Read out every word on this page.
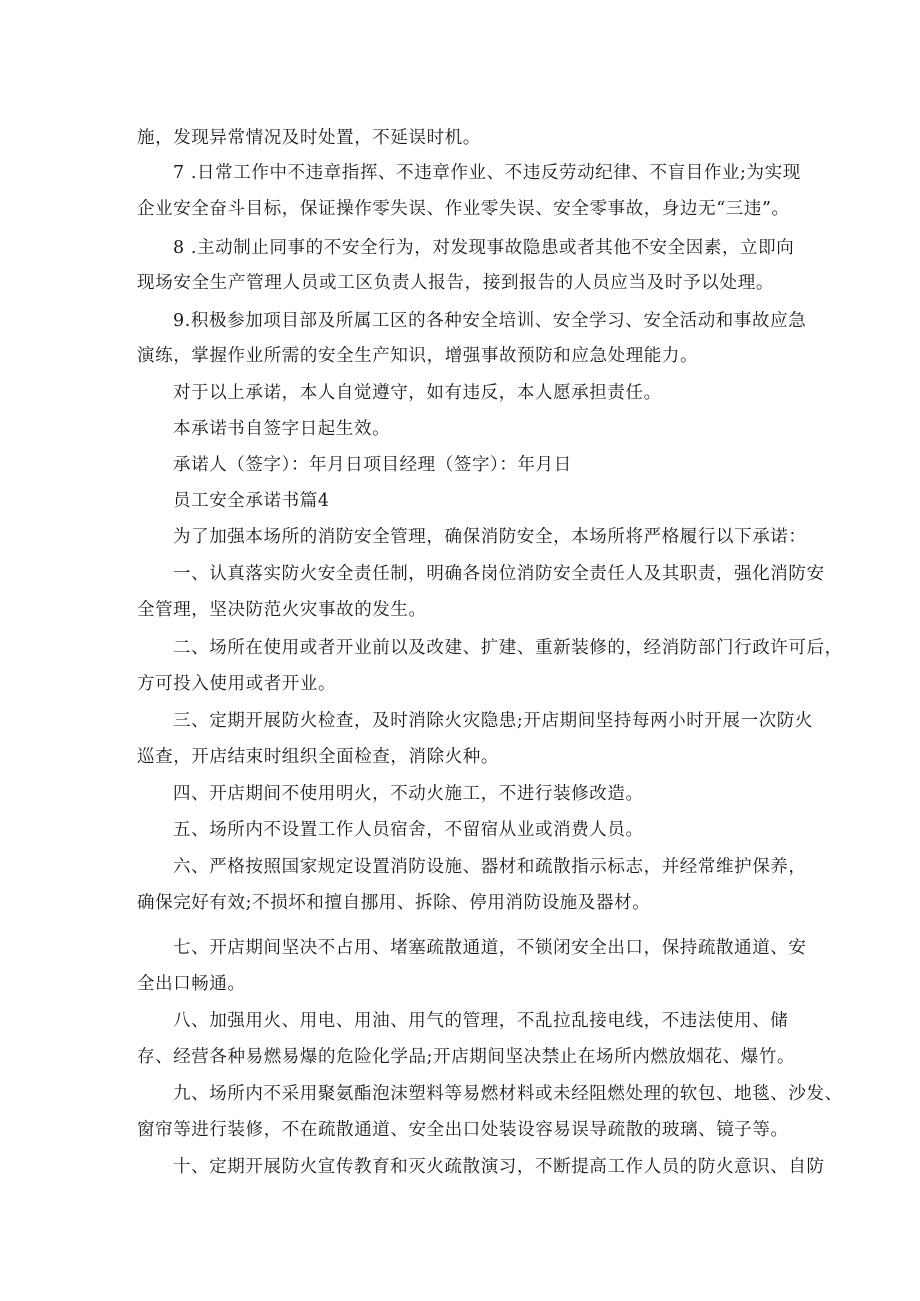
施，发现异常情况及时处置，不延误时机。
7 .日常工作中不违章指挥、不违章作业、不违反劳动纪律、不盲目作业;为实现
企业安全奋斗目标，保证操作零失误、作业零失误、安全零事故，身边无“三违”。
8 .主动制止同事的不安全行为，对发现事故隐患或者其他不安全因素，立即向
现场安全生产管理人员或工区负责人报告，接到报告的人员应当及时予以处理。
9.积极参加项目部及所属工区的各种安全培训、安全学习、安全活动和事故应急
演练，掌握作业所需的安全生产知识，增强事故预防和应急处理能力。
对于以上承诺，本人自觉遵守，如有违反，本人愿承担责任。
本承诺书自签字日起生效。
承诺人（签字）：年月日项目经理（签字）：年月日
员工安全承诺书篇4
为了加强本场所的消防安全管理，确保消防安全，本场所将严格履行以下承诺：
一、认真落实防火安全责任制，明确各岗位消防安全责任人及其职责，强化消防安
全管理，坚决防范火灾事故的发生。
二、场所在使用或者开业前以及改建、扩建、重新装修的，经消防部门行政许可后，
方可投入使用或者开业。
三、定期开展防火检查，及时消除火灾隐患;开店期间坚持每两小时开展一次防火
巡查，开店结束时组织全面检查，消除火种。
四、开店期间不使用明火，不动火施工，不进行装修改造。
五、场所内不设置工作人员宿舍，不留宿从业或消费人员。
六、严格按照国家规定设置消防设施、器材和疏散指示标志，并经常维护保养，
确保完好有效;不损坏和擅自挪用、拆除、停用消防设施及器材。
七、开店期间坚决不占用、堵塞疏散通道，不锁闭安全出口，保持疏散通道、安
全出口畅通。
八、加强用火、用电、用油、用气的管理，不乱拉乱接电线，不违法使用、储
存、经营各种易燃易爆的危险化学品;开店期间坚决禁止在场所内燃放烟花、爆竹。
九、场所内不采用聚氨酯泡沫塑料等易燃材料或未经阻燃处理的软包、地毯、沙发、
窗帘等进行装修，不在疏散通道、安全出口处装设容易误导疏散的玻璃、镜子等。
十、定期开展防火宣传教育和灭火疏散演习，不断提高工作人员的防火意识、自防
